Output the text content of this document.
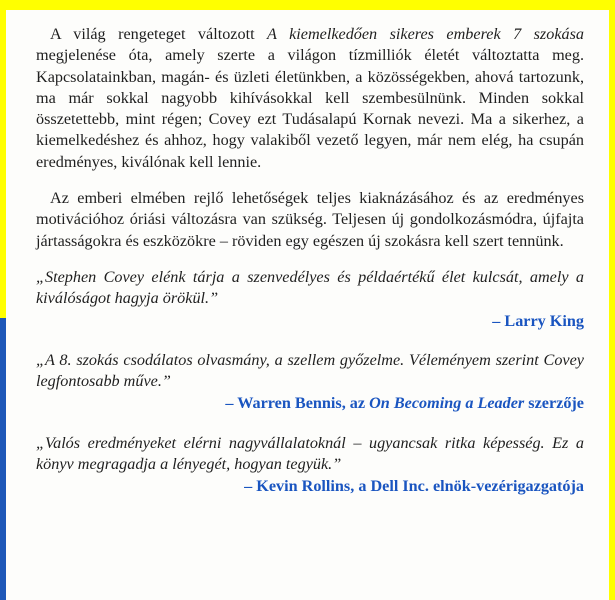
A világ rengeteget változott A kiemelkedően sikeres emberek 7 szokása megjelenése óta, amely szerte a világon tízmilliók életét változtatta meg. Kapcsolatainkban, magán- és üzleti életünkben, a közösségekben, ahová tartozunk, ma már sokkal nagyobb kihívásokkal kell szembesülnünk. Minden sokkal összetettebb, mint régen; Covey ezt Tudásalapú Kornak nevezi. Ma a sikerhez, a kiemelkedéshez és ahhoz, hogy valakiből vezető legyen, már nem elég, ha csupán eredményes, kiválónak kell lennie.

Az emberi elmében rejlő lehetőségek teljes kiaknázásához és az eredményes motivációhoz óriási változásra van szükség. Teljesen új gondolkozásmódra, újfajta jártasságokra és eszközökre – röviden egy egészen új szokásra kell szert tennünk.

„Stephen Covey elénk tárja a szenvedélyes és példaértékű élet kulcsát, amely a kiválóságot hagyja örökül.”

– Larry King

„A 8. szokás csodálatos olvasmány, a szellem győzelme. Véleményem szerint Covey legfontosabb műve.”

– Warren Bennis, az On Becoming a Leader szerzője

„Valós eredményeket elérni nagyvállalatoknál – ugyancsak ritka képesség. Ez a könyv megragadja a lényegét, hogyan tegyük.”

– Kevin Rollins, a Dell Inc. elnök-vezérigazgatója
